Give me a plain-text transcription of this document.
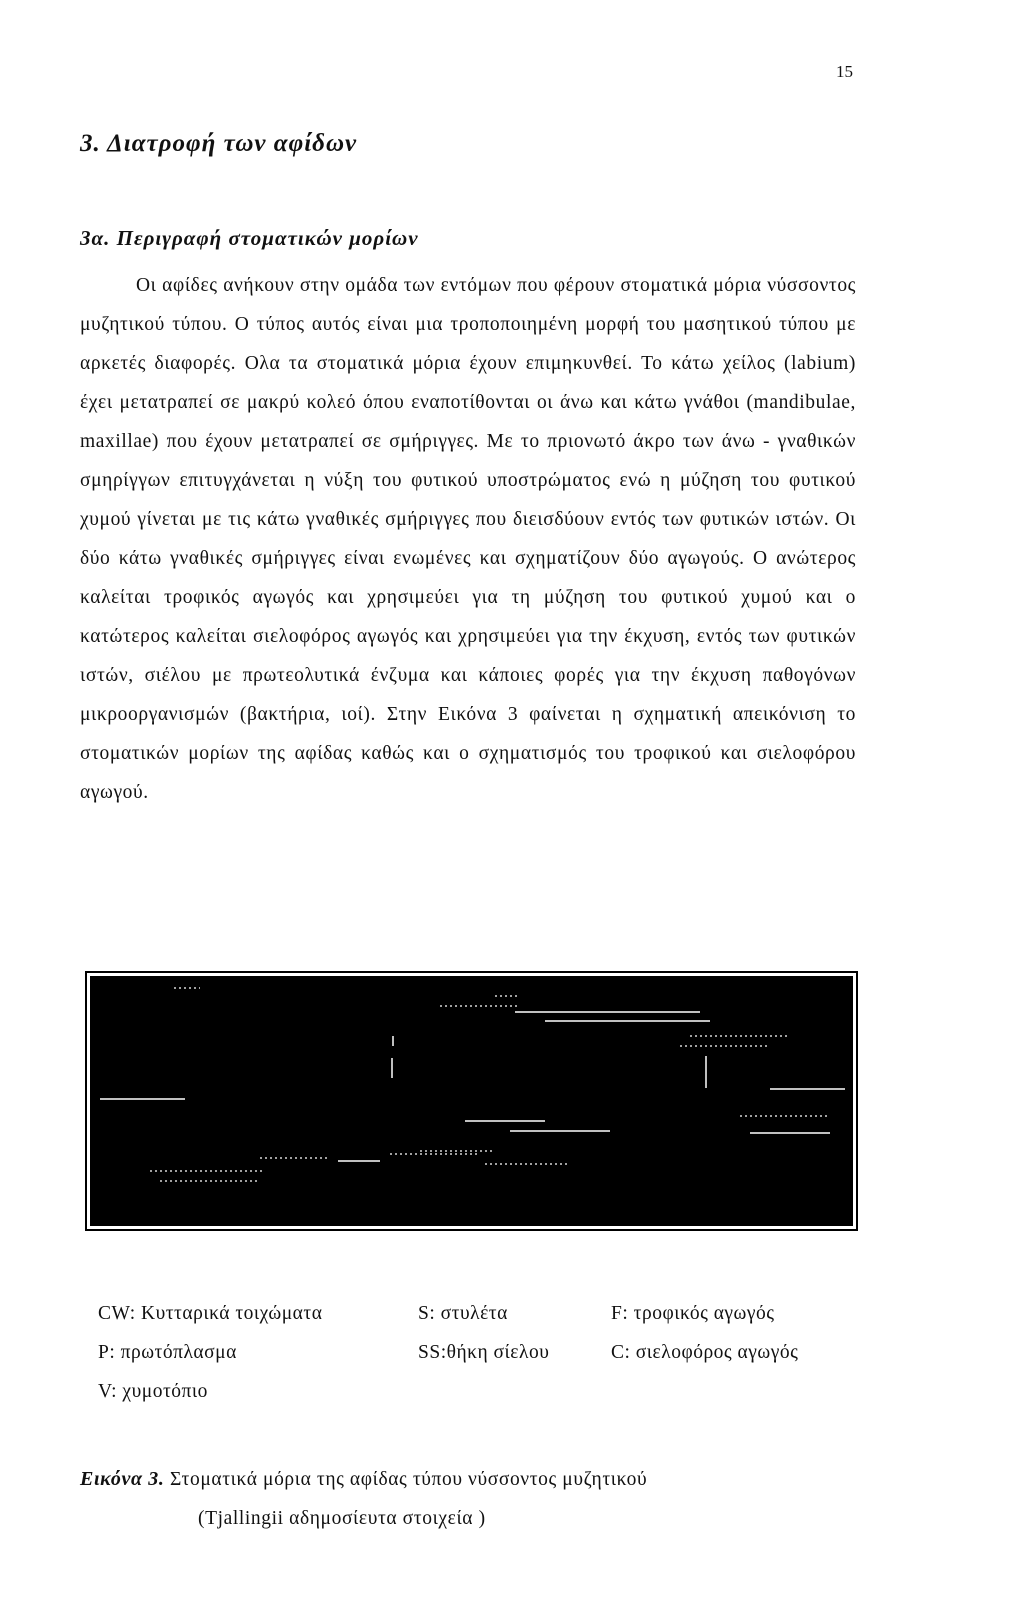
15
3. Διατροφή των αφίδων
3α. Περιγραφή στοματικών μορίων

Οι αφίδες ανήκουν στην ομάδα των εντόμων που φέρουν στοματικά μόρια νύσσοντος μυζητικού τύπου. Ο τύπος αυτός είναι μια τροποποιημένη μορφή του μασητικού τύπου με αρκετές διαφορές. Ολα τα στοματικά μόρια έχουν επιμηκυνθεί. Το κάτω χείλος (labium) έχει μετατραπεί σε μακρύ κολεό όπου εναποτίθονται οι άνω και κάτω γνάθοι (mandibulae, maxillae) που έχουν μετατραπεί σε σμήριγγες. Με το πριονωτό άκρο των άνω - γναθικών σμηρίγγων επιτυγχάνεται η νύξη του φυτικού υποστρώματος ενώ η μύζηση του φυτικού χυμού γίνεται με τις κάτω γναθικές σμήριγγες που διεισδύουν εντός των φυτικών ιστών. Οι δύο κάτω γναθικές σμήριγγες είναι ενωμένες και σχηματίζουν δύο αγωγούς. Ο ανώτερος καλείται τροφικός αγωγός και χρησιμεύει για τη μύζηση του φυτικού χυμού και ο κατώτερος καλείται σιελοφόρος αγωγός και χρησιμεύει για την έκχυση, εντός των φυτικών ιστών, σιέλου με πρωτεολυτικά ένζυμα και κάποιες φορές για την έκχυση παθογόνων μικροοργανισμών (βακτήρια, ιοί). Στην Εικόνα 3 φαίνεται η σχηματική απεικόνιση το στοματικών μορίων της αφίδας καθώς και ο σχηματισμός του τροφικού και σιελοφόρου αγωγού.

CW: Κυτταρικά τοιχώματα	S: στυλέτα	F: τροφικός αγωγός
P: πρωτόπλασμα	SS:θήκη σίελου	C: σιελοφόρος αγωγός
V: χυμοτόπιο
Εικόνα 3. Στοματικά μόρια της αφίδας τύπου νύσσοντος μυζητικού
(Tjallingii αδημοσίευτα στοιχεία )
